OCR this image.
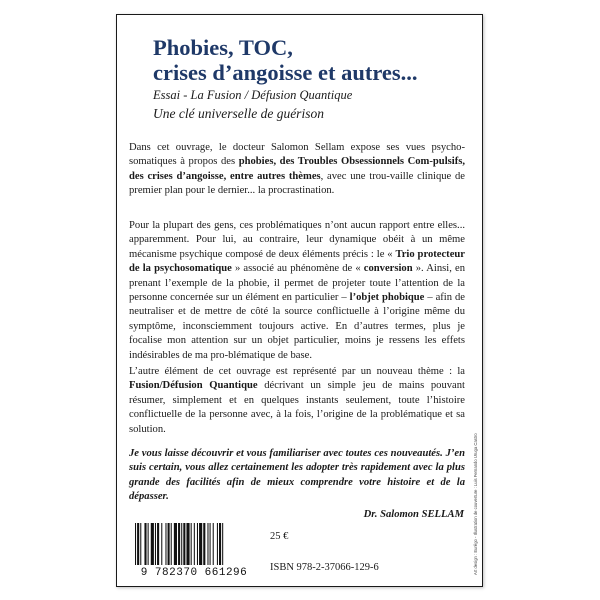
Phobies, TOC,
crises d’angoisse et autres...

Essai - La Fusion / Défusion Quantique

Une clé universelle de guérison

Dans cet ouvrage, le docteur Salomon Sellam expose ses vues psycho-somatiques à propos des phobies, des Troubles Obsessionnels Com-pulsifs, des crises d’angoisse, entre autres thèmes, avec une trou-vaille clinique de premier plan pour le dernier... la procrastination.

Pour la plupart des gens, ces problématiques n’ont aucun rapport entre elles... apparemment. Pour lui, au contraire, leur dynamique obéit à un même mécanisme psychique composé de deux éléments précis : le « Trio protecteur de la psychosomatique » associé au phénomène de « conversion ». Ainsi, en prenant l’exemple de la phobie, il permet de projeter toute l’attention de la personne concernée sur un élément en particulier – l’objet phobique – afin de neutraliser et de mettre de côté la source conflictuelle à l’origine même du symptôme, inconsciemment toujours active. En d’autres termes, plus je focalise mon attention sur un objet particulier, moins je ressens les effets indésirables de ma pro-blématique de base.

L’autre élément de cet ouvrage est représenté par un nouveau thème : la Fusion/Défusion Quantique décrivant un simple jeu de mains pouvant résumer, simplement et en quelques instants seulement, toute l’histoire conflictuelle de la personne avec, à la fois, l’origine de la problématique et sa solution.

Je vous laisse découvrir et vous familiariser avec toutes ces nouveautés. J’en suis certain, vous allez certainement les adopter très rapidement avec la plus grande des facilités afin de mieux comprendre votre histoire et de la dépasser.

Dr. Salomon SELLAM

9 782370 661296
25 €
ISBN 978-2-37066-129-6	Art design : Eurêgo - Illustration de couverture : Luis Fernando Uruga Castro
